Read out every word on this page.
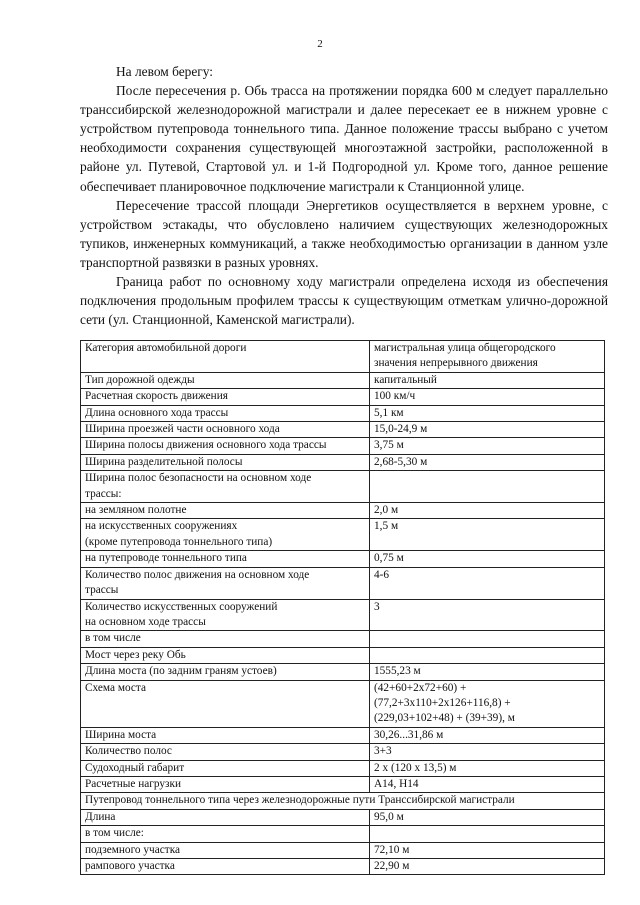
2

На левом берегу:

После пересечения р. Обь трасса на протяжении порядка 600 м следует параллельно транссибирской железнодорожной магистрали и далее пересекает ее в нижнем уровне с устройством путепровода тоннельного типа. Данное положение трассы выбрано с учетом необходимости сохранения существующей многоэтажной застройки, расположенной в районе ул. Путевой, Стартовой ул. и 1-й Подгородной ул. Кроме того, данное решение обеспечивает планировочное подключение магистрали к Станционной улице.

Пересечение трассой площади Энергетиков осуществляется в верхнем уровне, с устройством эстакады, что обусловлено наличием существующих железнодорожных тупиков, инженерных коммуникаций, а также необходимостью организации в данном узле транспортной развязки в разных уровнях.

Граница работ по основному ходу магистрали определена исходя из обеспечения подключения продольным профилем трассы к существующим отметкам улично-дорожной сети (ул. Станционной, Каменской магистрали).

Категория автомобильной дороги	магистральная улица общегородского
значения непрерывного движения
Тип дорожной одежды	капитальный
Расчетная скорость движения	100 км/ч
Длина основного хода трассы	5,1 км
Ширина проезжей части основного хода	15,0-24,9 м
Ширина полосы движения основного хода трассы	3,75 м
Ширина разделительной полосы	2,68-5,30 м
Ширина полос безопасности на основном ходе
трассы:	
на земляном полотне	2,0 м
на искусственных сооружениях
(кроме путепровода тоннельного типа)	1,5 м
на путепроводе тоннельного типа	0,75 м
Количество полос движения на основном ходе
трассы	4-6
Количество искусственных сооружений
на основном ходе трассы	3
в том числе	
Мост через реку Обь	
Длина моста (по задним граням устоев)	1555,23 м
Схема моста	(42+60+2x72+60) +
(77,2+3x110+2x126+116,8) +
(229,03+102+48) + (39+39), м
Ширина моста	30,26...31,86 м
Количество полос	3+3
Судоходный габарит	2 х (120 х 13,5) м
Расчетные нагрузки	А14, Н14
Путепровод тоннельного типа через железнодорожные пути Транссибирской магистрали	
Длина	95,0 м
в том числе:	
подземного участка	72,10 м
рампового участка	22,90 м
